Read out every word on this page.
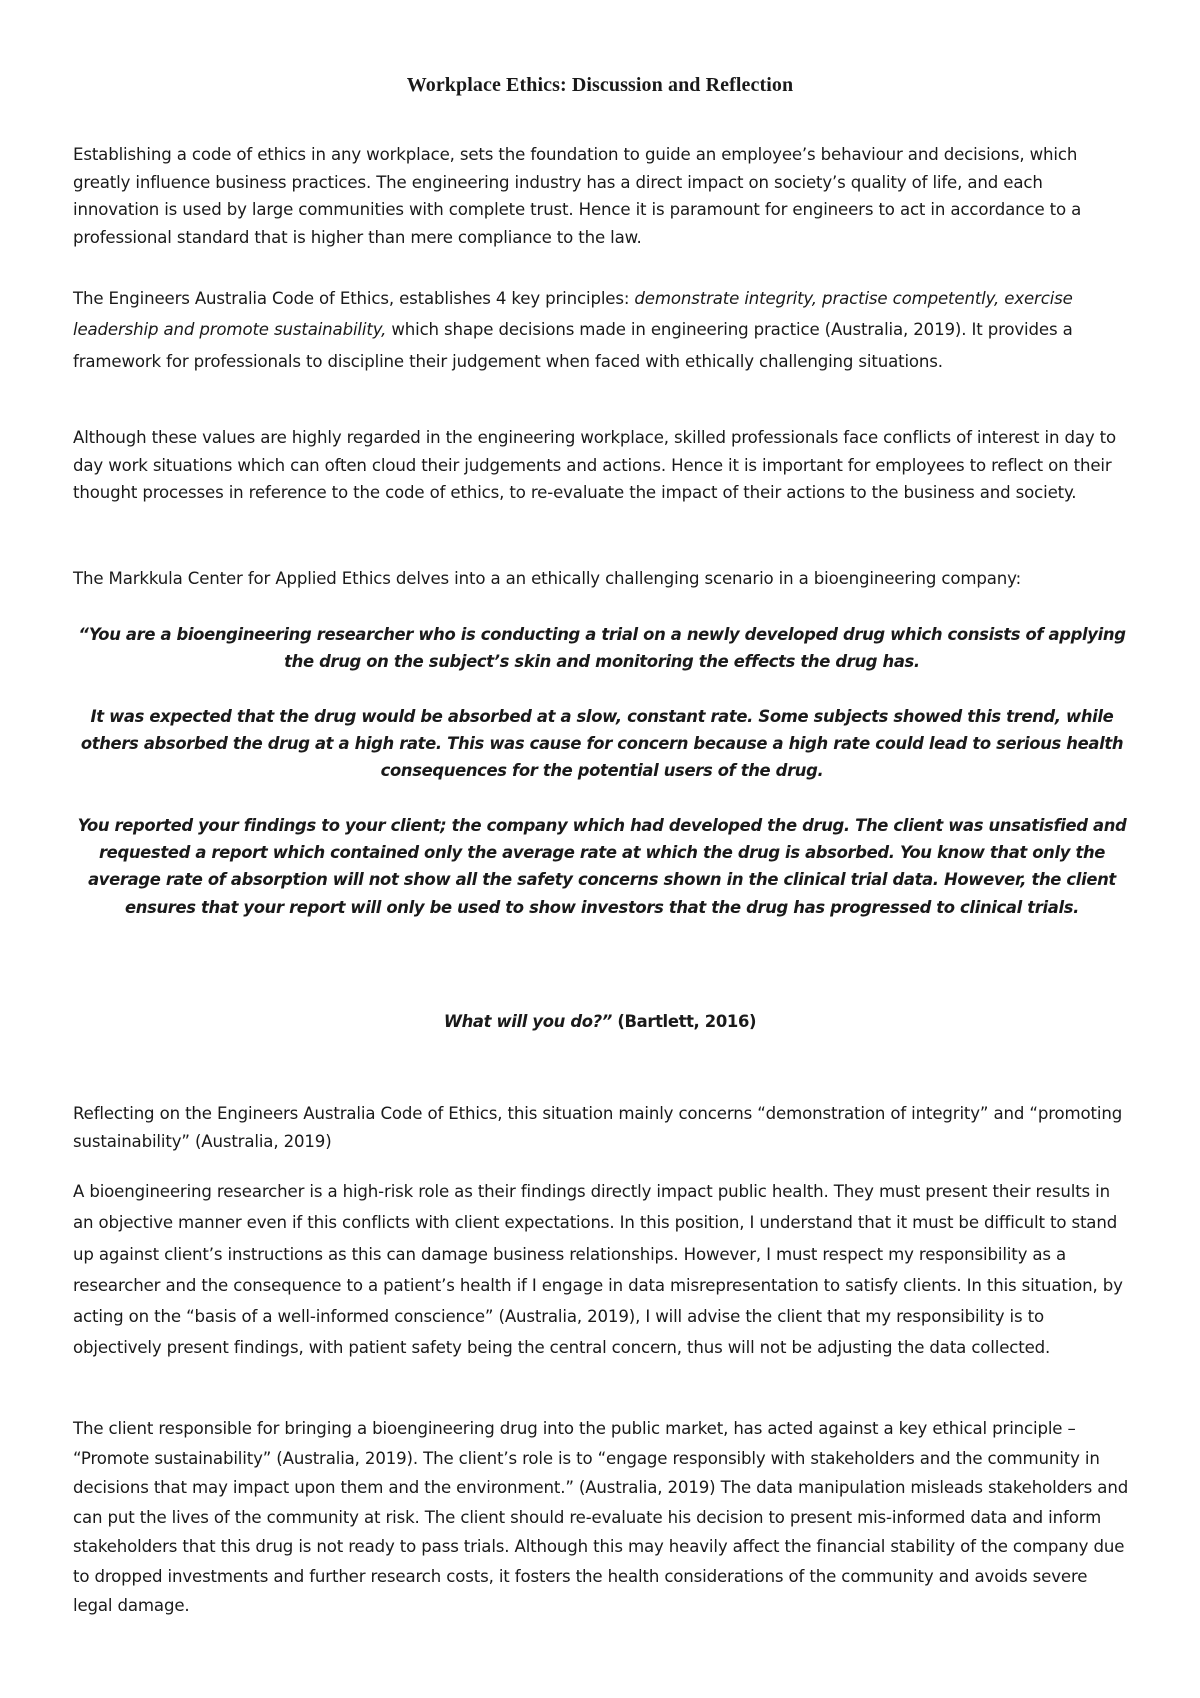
Workplace Ethics: Discussion and Reflection

Establishing a code of ethics in any workplace, sets the foundation to guide an employee’s behaviour and decisions, which greatly influence business practices. The engineering industry has a direct impact on society’s quality of life, and each innovation is used by large communities with complete trust. Hence it is paramount for engineers to act in accordance to a professional standard that is higher than mere compliance to the law.

The Engineers Australia Code of Ethics, establishes 4 key principles: demonstrate integrity, practise competently, exercise leadership and promote sustainability, which shape decisions made in engineering practice (Australia, 2019). It provides a framework for professionals to discipline their judgement when faced with ethically challenging situations.

Although these values are highly regarded in the engineering workplace, skilled professionals face conflicts of interest in day to day work situations which can often cloud their judgements and actions. Hence it is important for employees to reflect on their thought processes in reference to the code of ethics, to re-evaluate the impact of their actions to the business and society.

The Markkula Center for Applied Ethics delves into a an ethically challenging scenario in a bioengineering company:

“You are a bioengineering researcher who is conducting a trial on a newly developed drug which consists of applying the drug on the subject’s skin and monitoring the effects the drug has.

It was expected that the drug would be absorbed at a slow, constant rate. Some subjects showed this trend, while others absorbed the drug at a high rate. This was cause for concern because a high rate could lead to serious health consequences for the potential users of the drug.

You reported your findings to your client; the company which had developed the drug. The client was unsatisfied and requested a report which contained only the average rate at which the drug is absorbed. You know that only the average rate of absorption will not show all the safety concerns shown in the clinical trial data. However, the client ensures that your report will only be used to show investors that the drug has progressed to clinical trials.

What will you do?” (Bartlett, 2016)

Reflecting on the Engineers Australia Code of Ethics, this situation mainly concerns “demonstration of integrity” and “promoting sustainability” (Australia, 2019)

A bioengineering researcher is a high-risk role as their findings directly impact public health. They must present their results in an objective manner even if this conflicts with client expectations. In this position, I understand that it must be difficult to stand up against client’s instructions as this can damage business relationships. However, I must respect my responsibility as a researcher and the consequence to a patient’s health if I engage in data misrepresentation to satisfy clients. In this situation, by acting on the “basis of a well-informed conscience” (Australia, 2019), I will advise the client that my responsibility is to objectively present findings, with patient safety being the central concern, thus will not be adjusting the data collected.

The client responsible for bringing a bioengineering drug into the public market, has acted against a key ethical principle – “Promote sustainability” (Australia, 2019). The client’s role is to “engage responsibly with stakeholders and the community in decisions that may impact upon them and the environment.” (Australia, 2019) The data manipulation misleads stakeholders and can put the lives of the community at risk. The client should re-evaluate his decision to present mis-informed data and inform stakeholders that this drug is not ready to pass trials. Although this may heavily affect the financial stability of the company due to dropped investments and further research costs, it fosters the health considerations of the community and avoids severe legal damage.
